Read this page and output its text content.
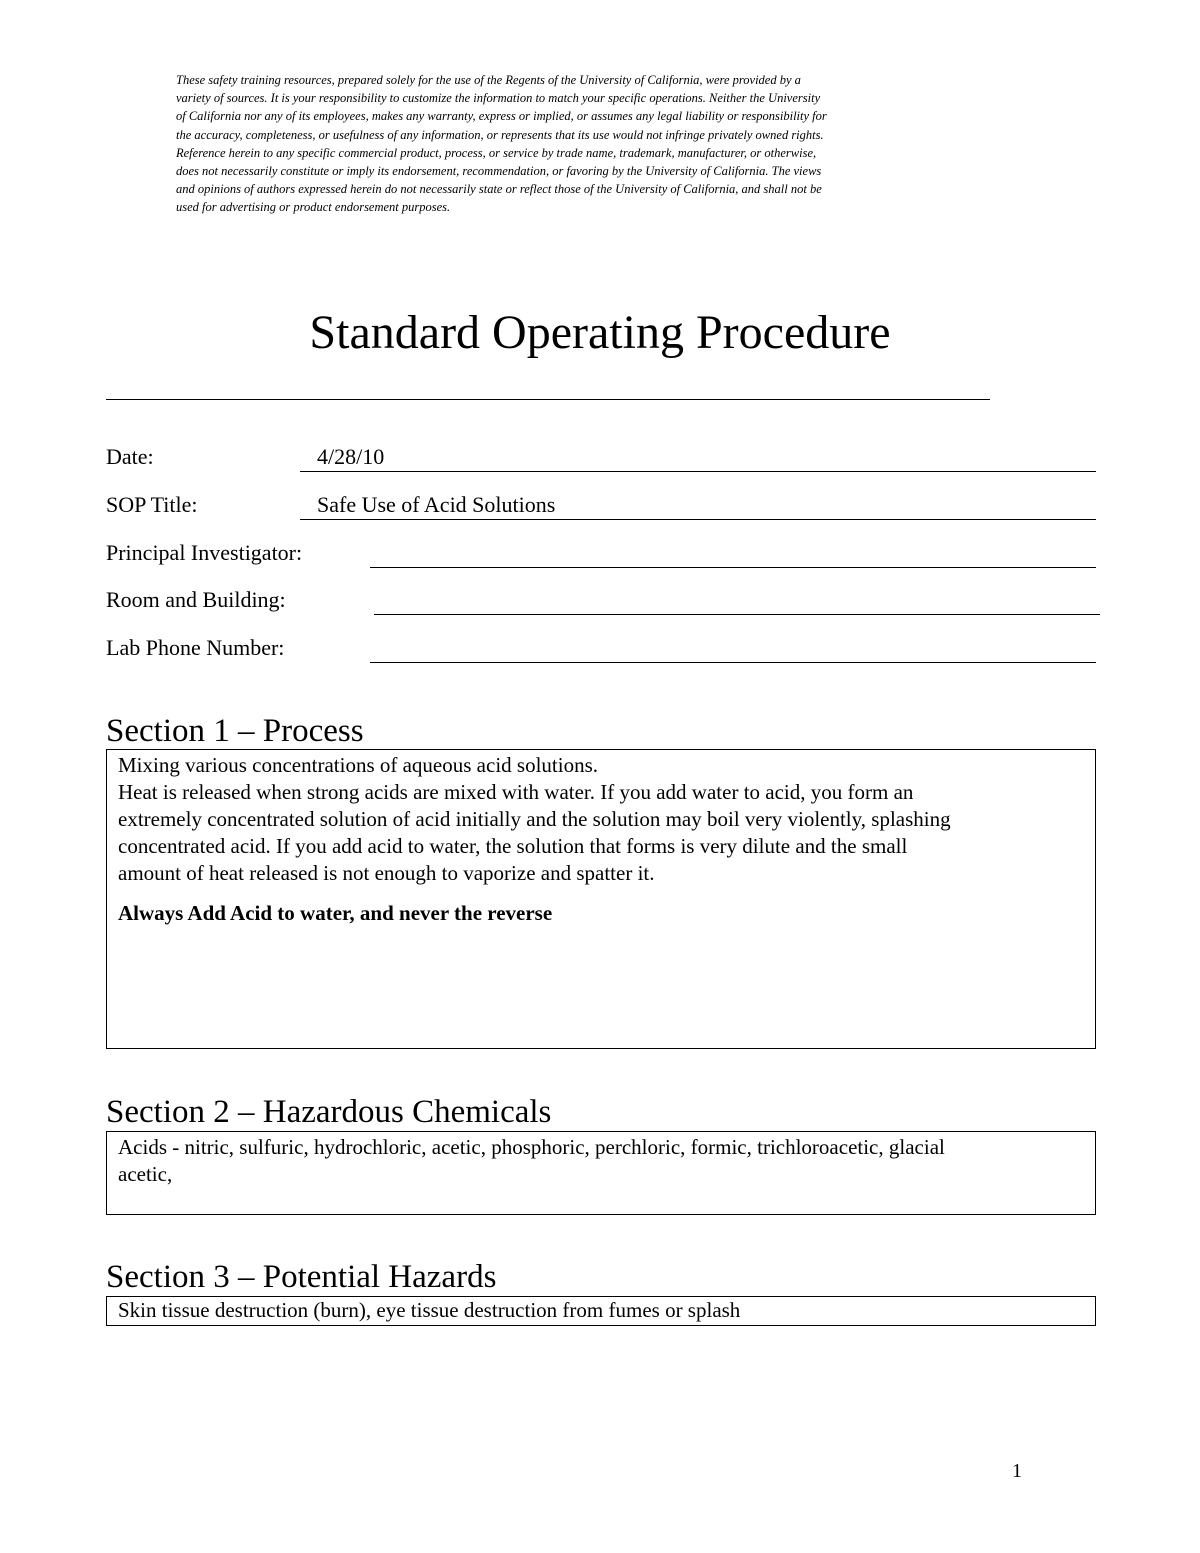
These safety training resources, prepared solely for the use of the Regents of the University of California, were provided by a
variety of sources. It is your responsibility to customize the information to match your specific operations. Neither the University
of California nor any of its employees, makes any warranty, express or implied, or assumes any legal liability or responsibility for
the accuracy, completeness, or usefulness of any information, or represents that its use would not infringe privately owned rights.
Reference herein to any specific commercial product, process, or service by trade name, trademark, manufacturer, or otherwise,
does not necessarily constitute or imply its endorsement, recommendation, or favoring by the University of California. The views
and opinions of authors expressed herein do not necessarily state or reflect those of the University of California, and shall not be
used for advertising or product endorsement purposes.
Standard Operating Procedure
Date:	4/28/10
SOP Title:	Safe Use of Acid Solutions
Principal Investigator:
Room and Building:
Lab Phone Number:
Section 1 – Process

Mixing various concentrations of aqueous acid solutions.

Heat is released when strong acids are mixed with water. If you add water to acid, you form an

extremely concentrated solution of acid initially and the solution may boil very violently, splashing

concentrated acid. If you add acid to water, the solution that forms is very dilute and the small

amount of heat released is not enough to vaporize and spatter it.

Always Add Acid to water, and never the reverse

Section 2 – Hazardous Chemicals

Acids - nitric, sulfuric, hydrochloric, acetic, phosphoric, perchloric, formic, trichloroacetic, glacial

acetic,

Section 3 – Potential Hazards

Skin tissue destruction (burn), eye tissue destruction from fumes or splash

1
